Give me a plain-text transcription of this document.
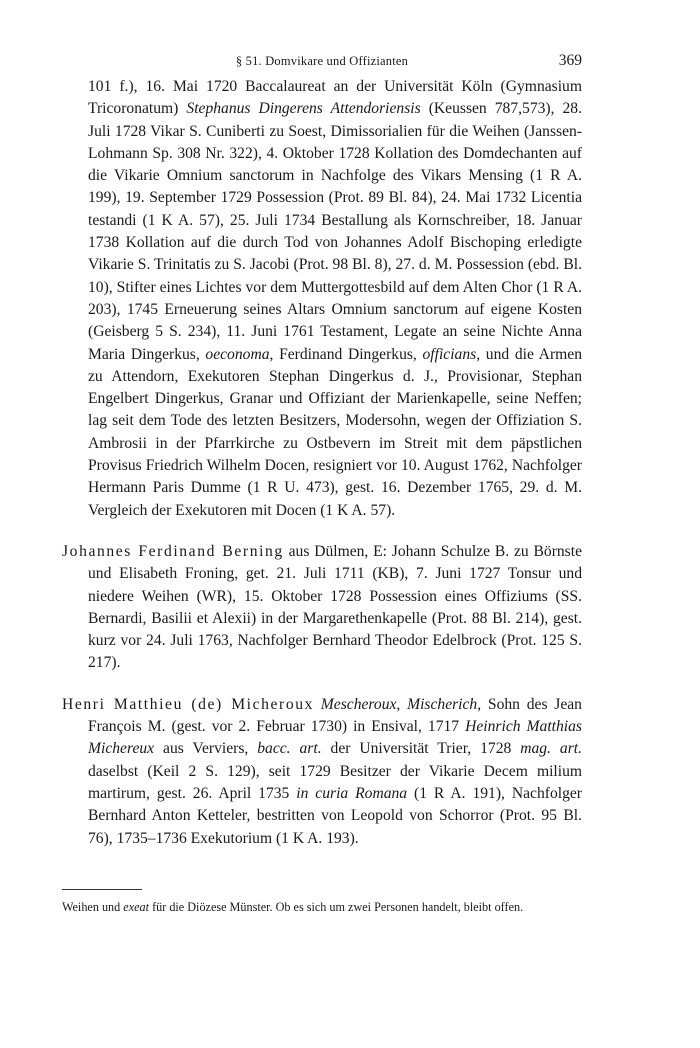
§ 51. Domvikare und Offizianten	369

101 f.), 16. Mai 1720 Baccalaureat an der Universität Köln (Gymnasium Tricoronatum) Stephanus Dingerens Attendoriensis (Keussen 787,573), 28. Juli 1728 Vikar S. Cuniberti zu Soest, Dimissorialien für die Weihen (Janssen-Lohmann Sp. 308 Nr. 322), 4. Oktober 1728 Kollation des Domdechanten auf die Vikarie Omnium sanctorum in Nachfolge des Vikars Mensing (1 R A. 199), 19. September 1729 Possession (Prot. 89 Bl. 84), 24. Mai 1732 Licentia testandi (1 K A. 57), 25. Juli 1734 Bestallung als Kornschreiber, 18. Januar 1738 Kollation auf die durch Tod von Johannes Adolf Bischoping erledigte Vikarie S. Trinitatis zu S. Jacobi (Prot. 98 Bl. 8), 27. d. M. Possession (ebd. Bl. 10), Stifter eines Lichtes vor dem Muttergottesbild auf dem Alten Chor (1 R A. 203), 1745 Erneuerung seines Altars Omnium sanctorum auf eigene Kosten (Geisberg 5 S. 234), 11. Juni 1761 Testament, Legate an seine Nichte Anna Maria Dingerkus, oeconoma, Ferdinand Dingerkus, officians, und die Armen zu Attendorn, Exekutoren Stephan Dingerkus d. J., Provisionar, Stephan Engelbert Dingerkus, Granar und Offiziant der Marienkapelle, seine Neffen; lag seit dem Tode des letzten Besitzers, Modersohn, wegen der Offiziation S. Ambrosii in der Pfarrkirche zu Ostbevern im Streit mit dem päpstlichen Provisus Friedrich Wilhelm Docen, resigniert vor 10. August 1762, Nachfolger Hermann Paris Dumme (1 R U. 473), gest. 16. Dezember 1765, 29. d. M. Vergleich der Exekutoren mit Docen (1 K A. 57).

Johannes Ferdinand Berning aus Dülmen, E: Johann Schulze B. zu Börnste und Elisabeth Froning, get. 21. Juli 1711 (KB), 7. Juni 1727 Tonsur und niedere Weihen (WR), 15. Oktober 1728 Possession eines Offiziums (SS. Bernardi, Basilii et Alexii) in der Margarethenkapelle (Prot. 88 Bl. 214), gest. kurz vor 24. Juli 1763, Nachfolger Bernhard Theodor Edelbrock (Prot. 125 S. 217).

Henri Matthieu (de) Micheroux Mescheroux, Mischerich, Sohn des Jean François M. (gest. vor 2. Februar 1730) in Ensival, 1717 Heinrich Matthias Michereux aus Verviers, bacc. art. der Universität Trier, 1728 mag. art. daselbst (Keil 2 S. 129), seit 1729 Besitzer der Vikarie Decem milium martirum, gest. 26. April 1735 in curia Romana (1 R A. 191), Nachfolger Bernhard Anton Ketteler, bestritten von Leopold von Schorror (Prot. 95 Bl. 76), 1735–1736 Exekutorium (1 K A. 193).

Weihen und exeat für die Diözese Münster. Ob es sich um zwei Personen handelt, bleibt offen.
